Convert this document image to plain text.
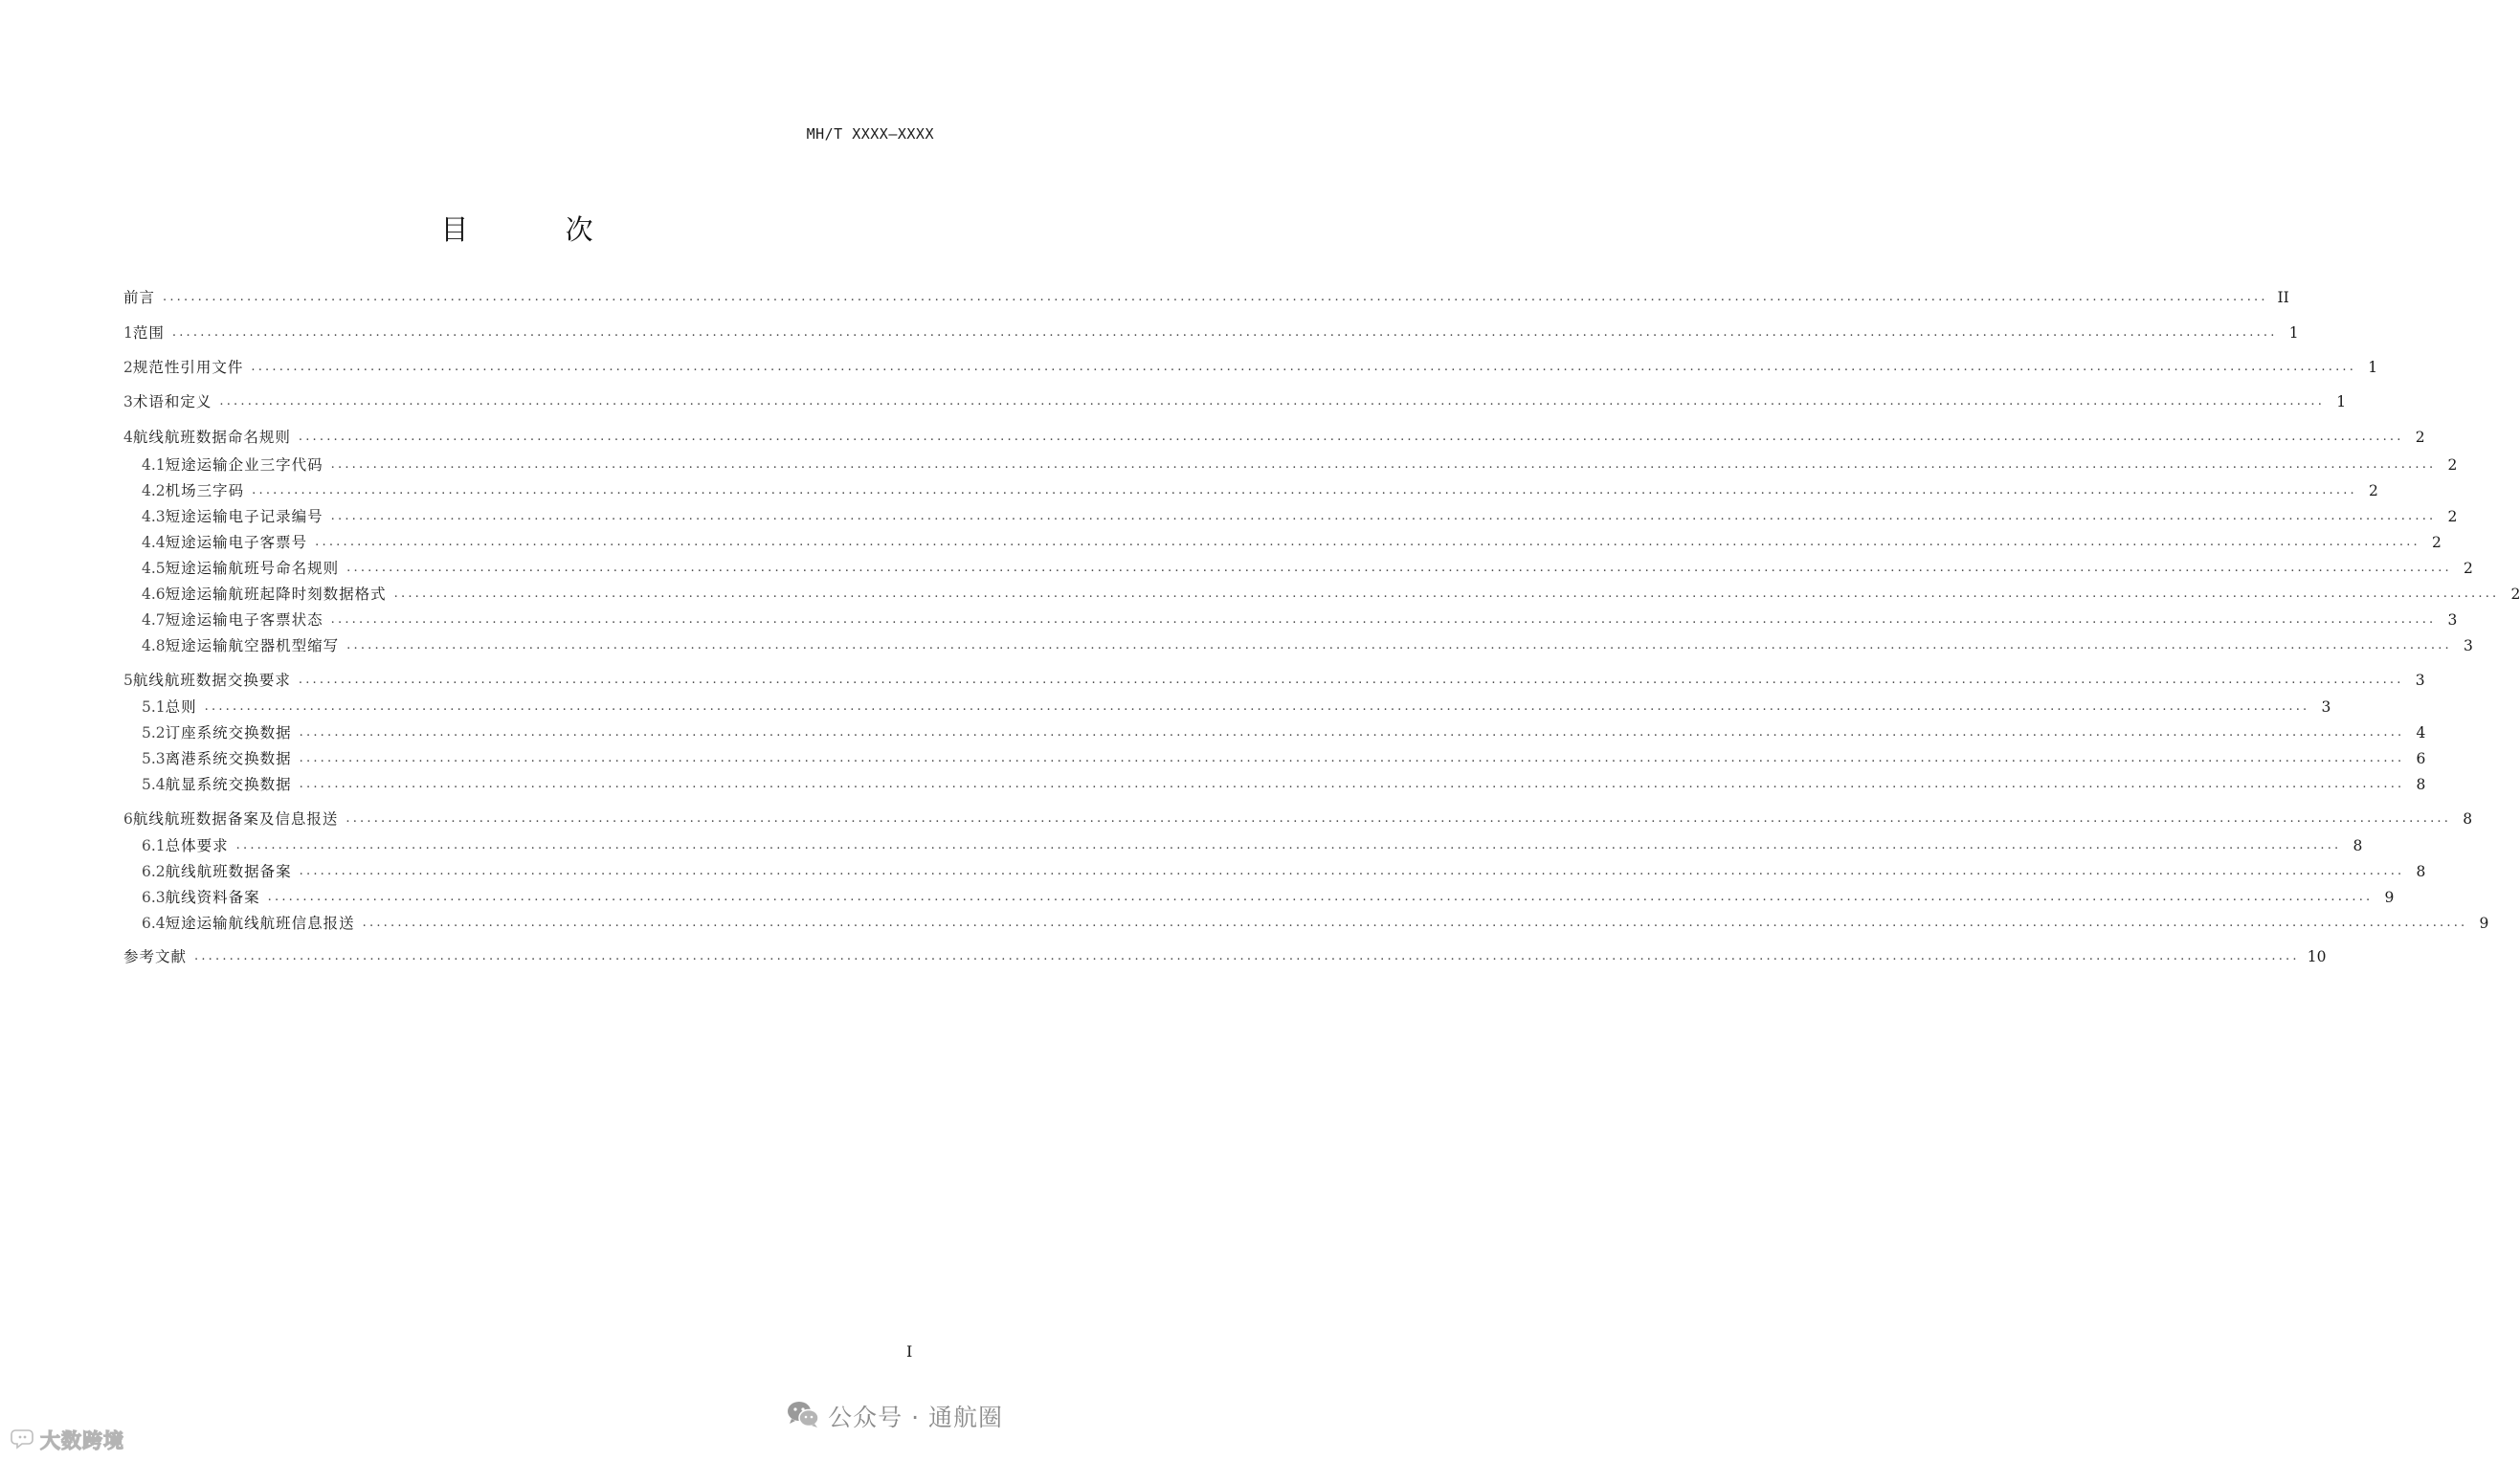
MH/T XXXX—XXXX
目 次
前言 ............................................................................................................................................................................................................................................................................................................ II
1 范围 ............................................................................................................................................................................................................................................................................................................ 1
2 规范性引用文件 ............................................................................................................................................................................................................................................................................................................ 1
3 术语和定义 ............................................................................................................................................................................................................................................................................................................ 1
4 航线航班数据命名规则 ............................................................................................................................................................................................................................................................................................................ 2
4.1 短途运输企业三字代码 ............................................................................................................................................................................................................................................................................................................ 2
4.2 机场三字码 ............................................................................................................................................................................................................................................................................................................ 2
4.3 短途运输电子记录编号 ............................................................................................................................................................................................................................................................................................................ 2
4.4 短途运输电子客票号 ............................................................................................................................................................................................................................................................................................................ 2
4.5 短途运输航班号命名规则 ............................................................................................................................................................................................................................................................................................................ 2
4.6 短途运输航班起降时刻数据格式 ............................................................................................................................................................................................................................................................................................................ 2
4.7 短途运输电子客票状态 ............................................................................................................................................................................................................................................................................................................ 3
4.8 短途运输航空器机型缩写 ............................................................................................................................................................................................................................................................................................................ 3
5 航线航班数据交换要求 ............................................................................................................................................................................................................................................................................................................ 3
5.1 总则 ............................................................................................................................................................................................................................................................................................................ 3
5.2 订座系统交换数据 ............................................................................................................................................................................................................................................................................................................ 4
5.3 离港系统交换数据 ............................................................................................................................................................................................................................................................................................................ 6
5.4 航显系统交换数据 ............................................................................................................................................................................................................................................................................................................ 8
6 航线航班数据备案及信息报送 ............................................................................................................................................................................................................................................................................................................ 8
6.1 总体要求 ............................................................................................................................................................................................................................................................................................................ 8
6.2 航线航班数据备案 ............................................................................................................................................................................................................................................................................................................ 8
6.3 航线资料备案 ............................................................................................................................................................................................................................................................................................................ 9
6.4 短途运输航线航班信息报送 ............................................................................................................................................................................................................................................................................................................ 9
参考文献 ............................................................................................................................................................................................................................................................................................................ 10
I
大数跨境
公众号 · 通航圈
